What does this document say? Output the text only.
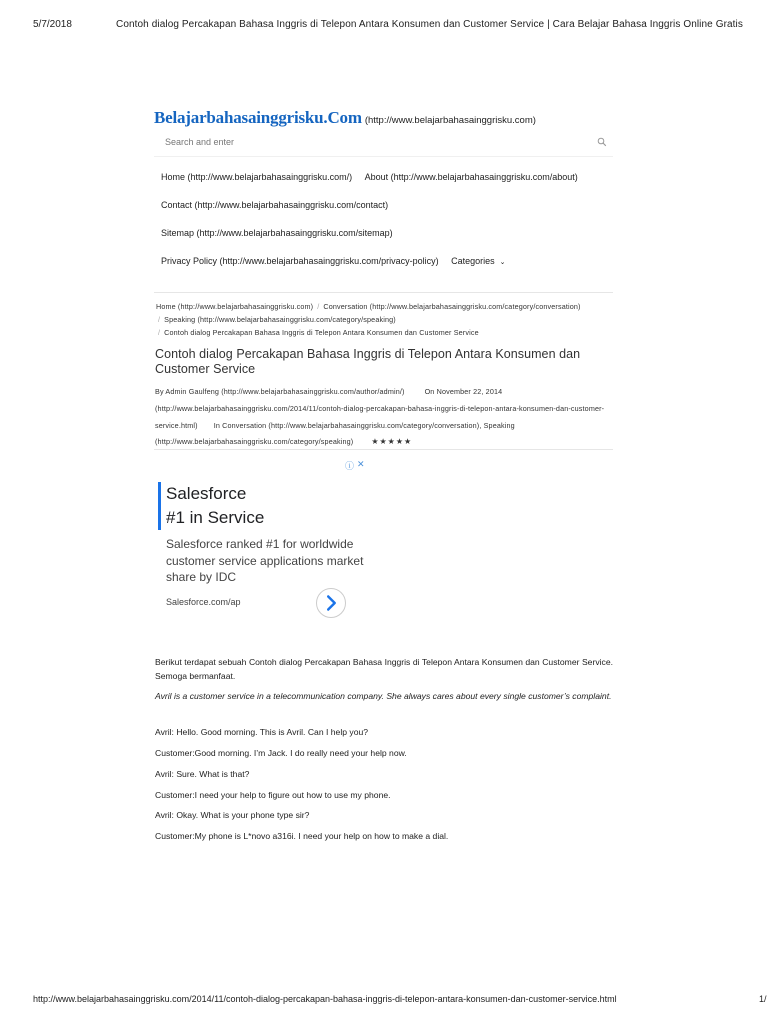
5/7/2018	Contoh dialog Percakapan Bahasa Inggris di Telepon Antara Konsumen dan Customer Service | Cara Belajar Bahasa Inggris Online Gratis
Belajarbahasainggrisku.Com (http://www.belajarbahasainggrisku.com)
Search and enter
Home (http://www.belajarbahasainggrisku.com/) About (http://www.belajarbahasainggrisku.com/about)
Contact (http://www.belajarbahasainggrisku.com/contact)
Sitemap (http://www.belajarbahasainggrisku.com/sitemap)
Privacy Policy (http://www.belajarbahasainggrisku.com/privacy-policy) Categories ⌄
Home (http://www.belajarbahasainggrisku.com) / Conversation (http://www.belajarbahasainggrisku.com/category/conversation)
/ Speaking (http://www.belajarbahasainggrisku.com/category/speaking)
/ Contoh dialog Percakapan Bahasa Inggris di Telepon Antara Konsumen dan Customer Service
Contoh dialog Percakapan Bahasa Inggris di Telepon Antara Konsumen dan Customer Service
By Admin Gaulfeng (http://www.belajarbahasainggrisku.com/author/admin/)	On November 22, 2014
(http://www.belajarbahasainggrisku.com/2014/11/contoh-dialog-percakapan-bahasa-inggris-di-telepon-antara-konsumen-dan-customer-service.html) In Conversation (http://www.belajarbahasainggrisku.com/category/conversation), Speaking
(http://www.belajarbahasainggrisku.com/category/speaking) ★★★★★
ⓘ ✕
Salesforce
#1 in Service
Salesforce ranked #1 for worldwide customer service applications market share by IDC
Salesforce.com/ap

Berikut terdapat sebuah Contoh dialog Percakapan Bahasa Inggris di Telepon Antara Konsumen dan Customer Service. Semoga bermanfaat.

Avril is a customer service in a telecommunication company. She always cares about every single customer’s complaint.

Avril: Hello. Good morning. This is Avril. Can I help you?

Customer:Good morning. I’m Jack. I do really need your help now.

Avril: Sure. What is that?

Customer:I need your help to figure out how to use my phone.

Avril: Okay. What is your phone type sir?

Customer:My phone is L*novo a316i. I need your help on how to make a dial.

http://www.belajarbahasainggrisku.com/2014/11/contoh-dialog-percakapan-bahasa-inggris-di-telepon-antara-konsumen-dan-customer-service.html	1/
